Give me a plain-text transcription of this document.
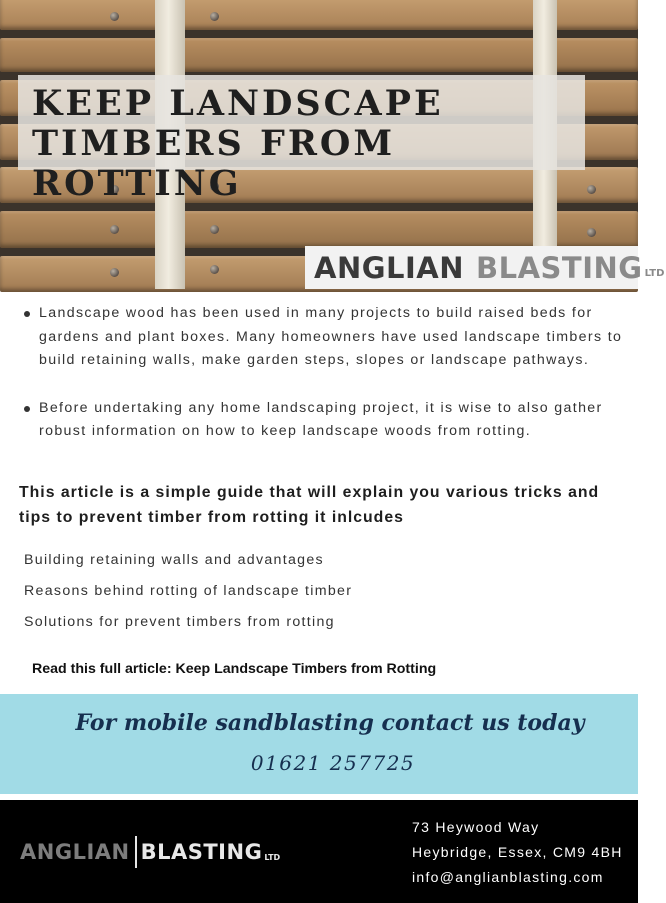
KEEP LANDSCAPE
TIMBERS FROM ROTTING
ANGLIAN BLASTING LTD
Landscape wood has been used in many projects to build raised beds for gardens and plant boxes. Many homeowners have used landscape timbers to build retaining walls, make garden steps, slopes or landscape pathways.
Before undertaking any home landscaping project, it is wise to also gather robust information on how to keep landscape woods from rotting.

This article is a simple guide that will explain you various tricks and tips to prevent timber from rotting it inlcudes

Building retaining walls and advantages
Reasons behind rotting of landscape timber
Solutions for prevent timbers from rotting

Read this full article: Keep Landscape Timbers from Rotting

For mobile sandblasting contact us today

01621 257725

ANGLIAN BLASTING LTD
73 Heywood Way
Heybridge, Essex, CM9 4BH
info@anglianblasting.com
